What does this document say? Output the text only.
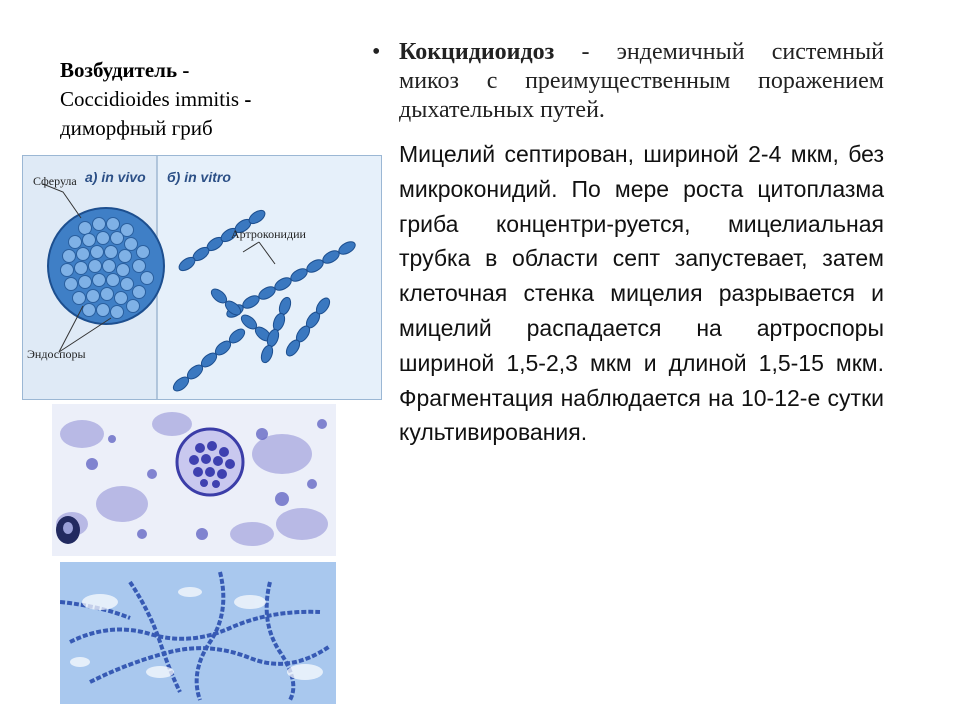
Возбудитель -
Coccidioides immitis -
диморфный гриб
Сферула
Эндоспоры
Артроконидии
а) in vivo б) in vitro
• Кокцидиоидоз - эндемичный системный микоз с преимущественным поражением дыхательных путей.
Мицелий септирован, шириной 2-4 мкм, без микроконидий. По мере роста цитоплазма гриба концентри-руется, мицелиальная трубка в области септ запустевает, затем клеточная стенка мицелия разрывается и мицелий распадается на артроспоры шириной 1,5-2,3 мкм и длиной 1,5-15 мкм. Фрагментация наблюдается на 10-12-е сутки культивирования.
